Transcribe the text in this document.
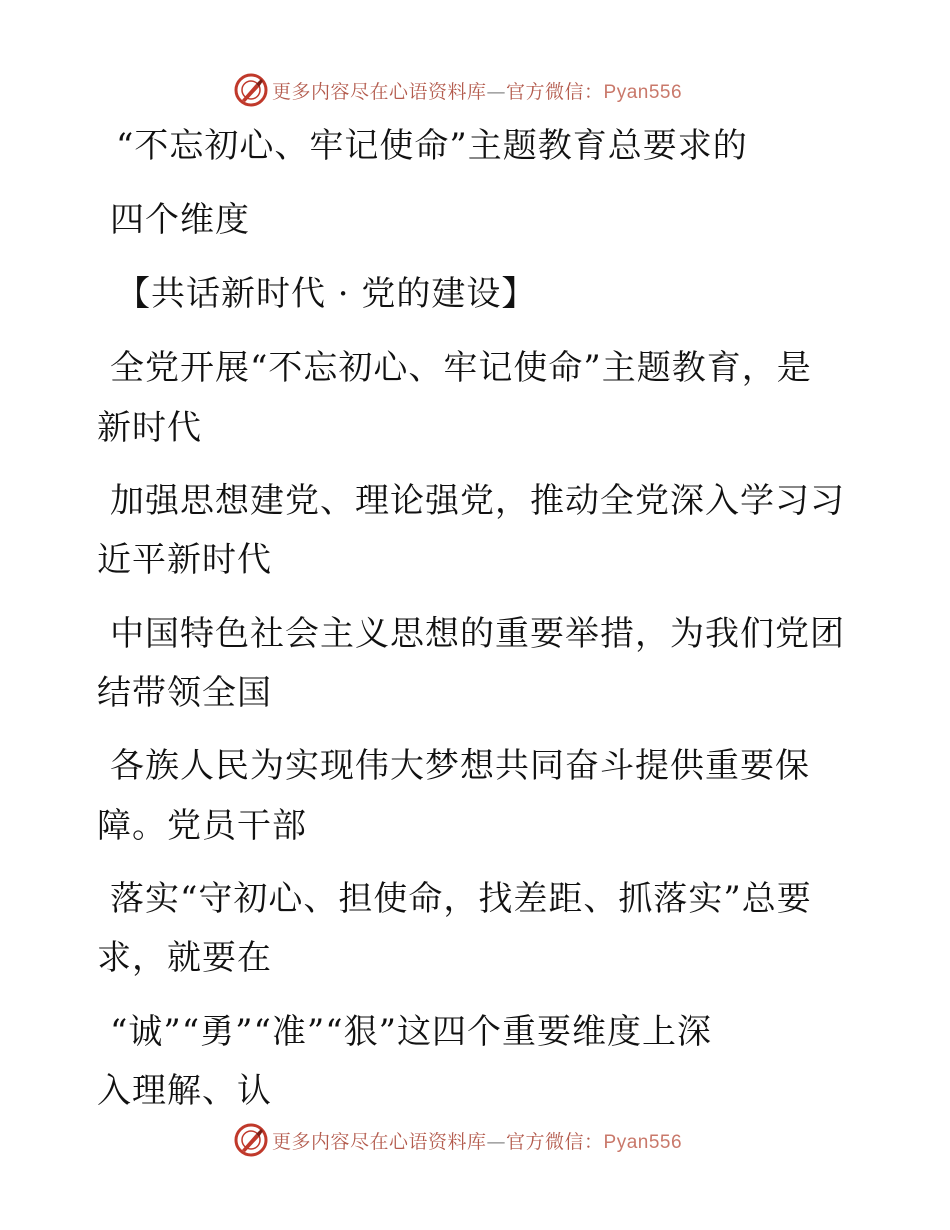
更多内容尽在心语资料库—官方微信：Pyan556
“不忘初心、牢记使命”主题教育总要求的
四个维度
【共话新时代 · 党的建设】
全党开展“不忘初心、牢记使命”主题教育，是
新时代
加强思想建党、理论强党，推动全党深入学习习
近平新时代
中国特色社会主义思想的重要举措，为我们党团
结带领全国
各族人民为实现伟大梦想共同奋斗提供重要保
障。党员干部
落实“守初心、担使命，找差距、抓落实”总要
求，就要在
“诚”“勇”“准”“狠”这四个重要维度上深
入理解、认
更多内容尽在心语资料库—官方微信：Pyan556
